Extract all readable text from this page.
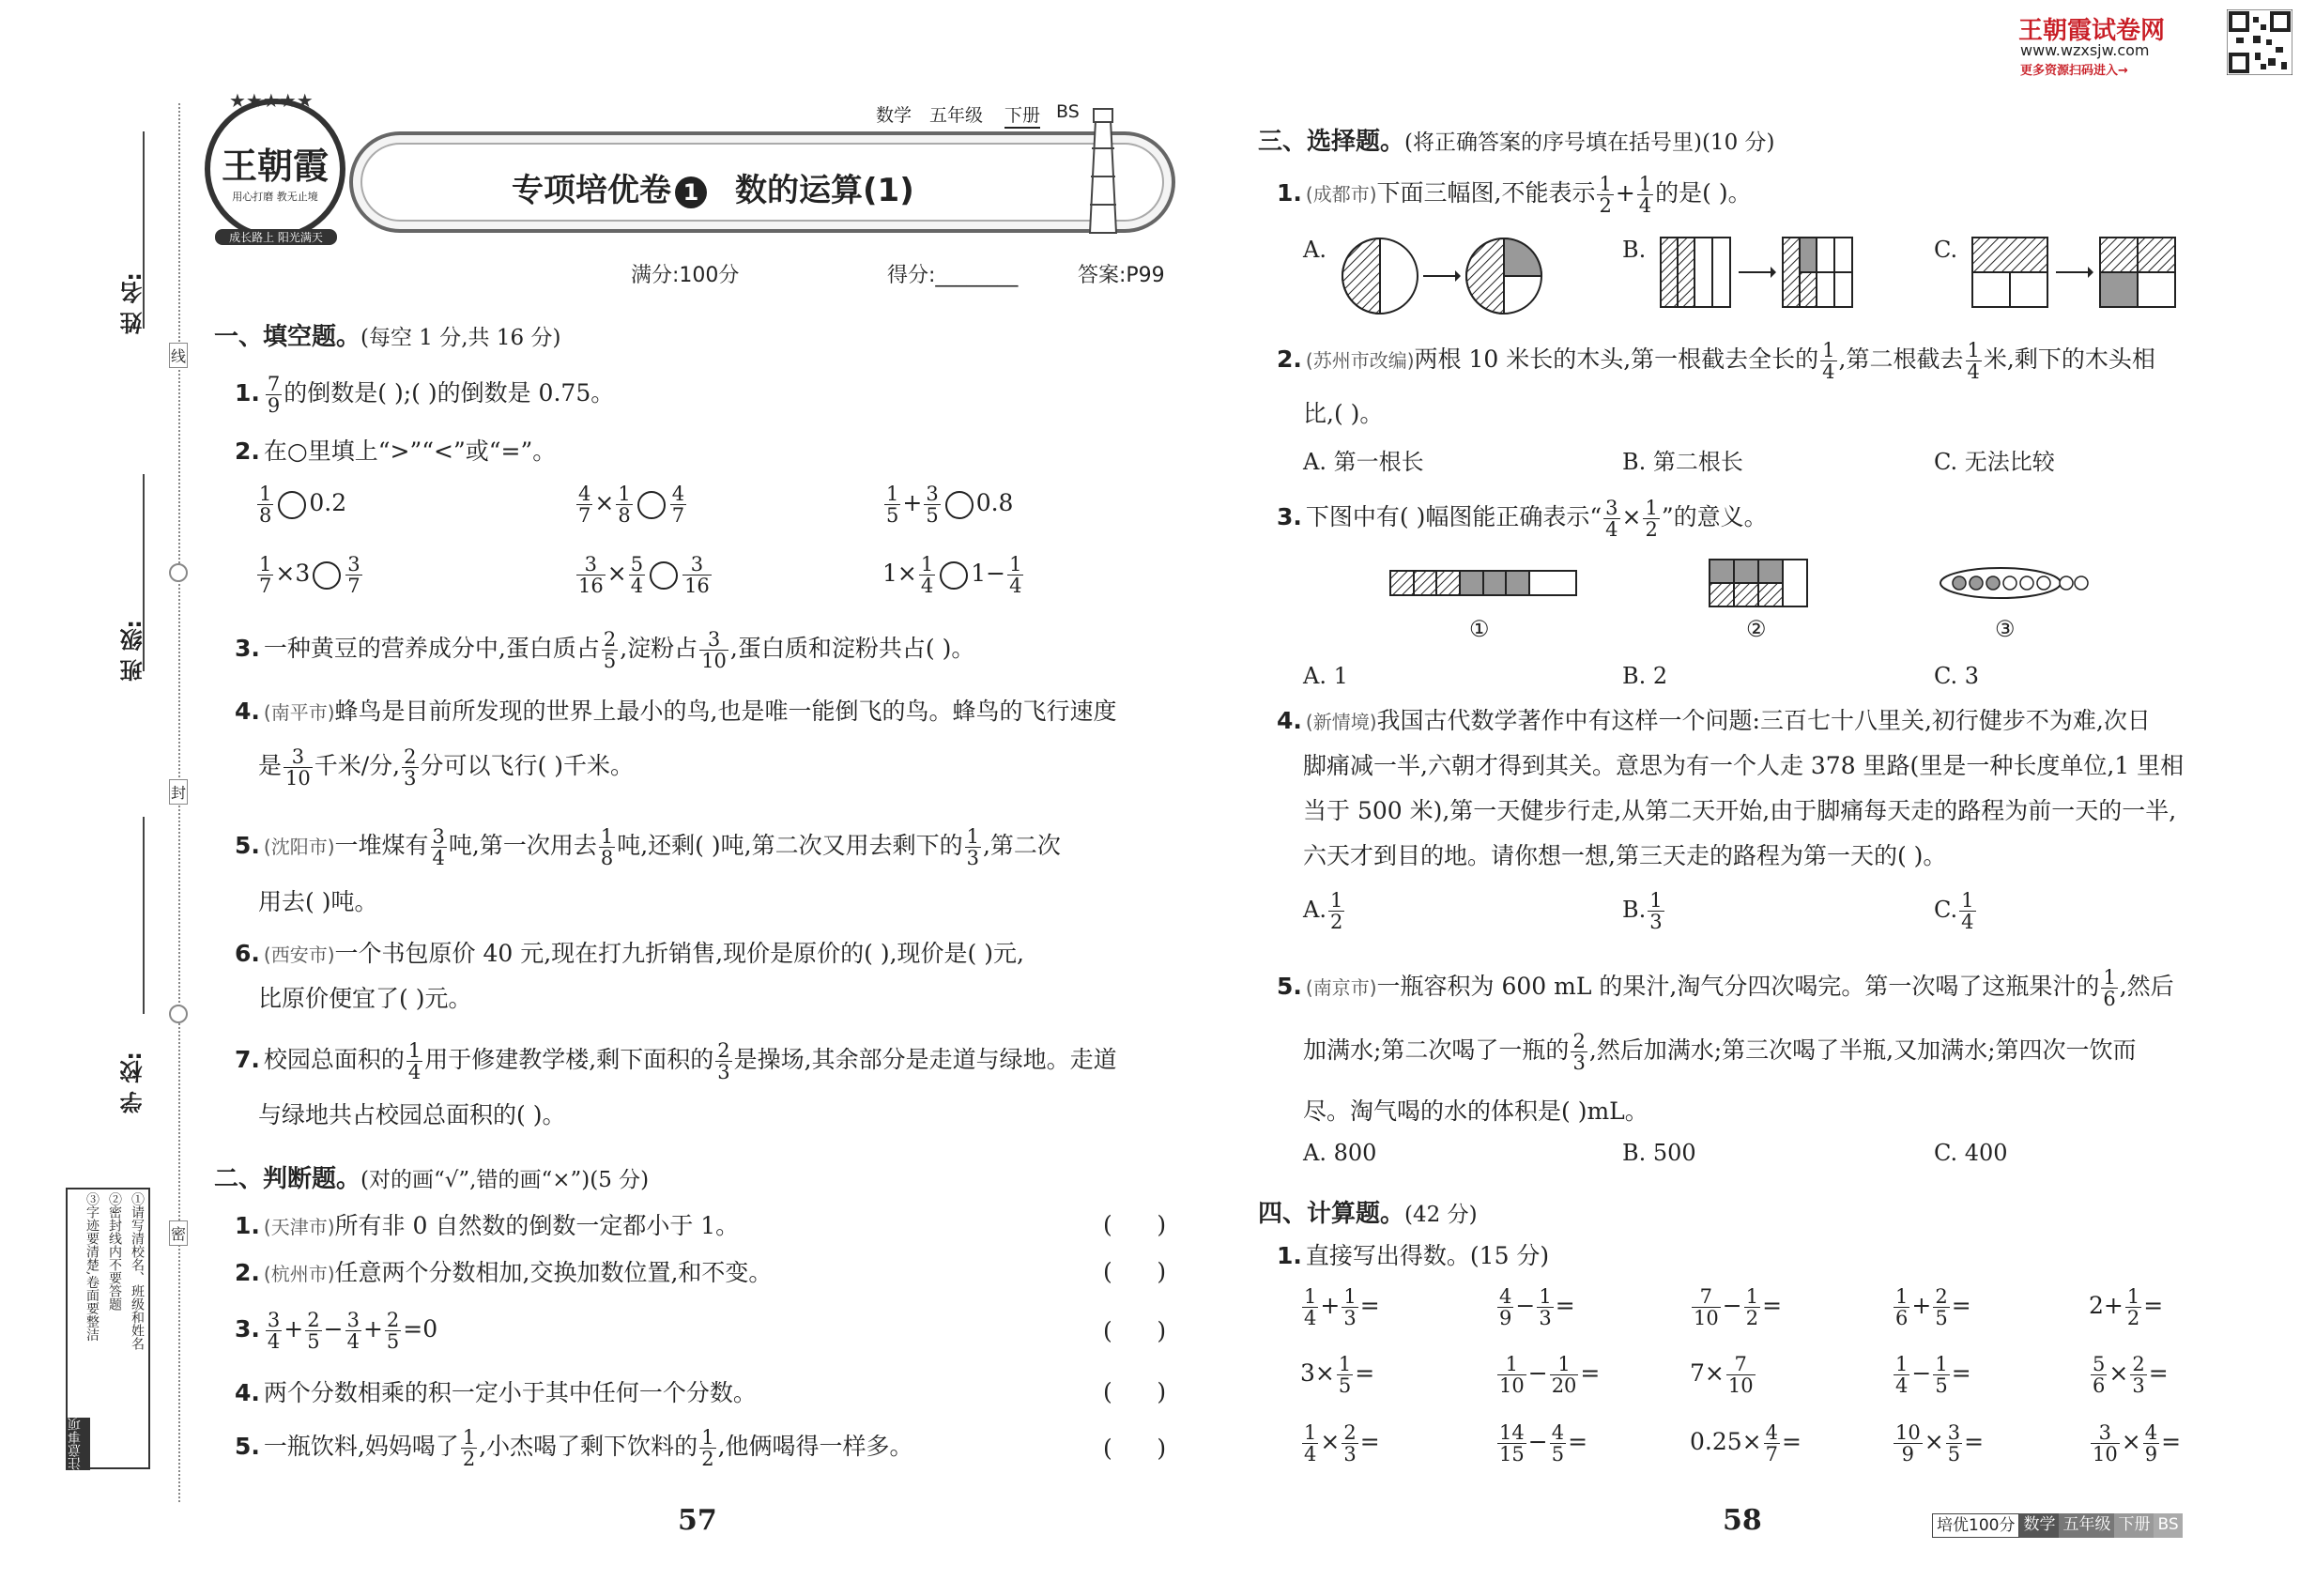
姓 名:
班 级:
学 校:
线
封
密
①请写清校名、班级和姓名
②密封线内不要答题
③字迹要清楚,卷面要整洁
注意事项
★★★★★
王朝霞
用心打磨 教无止境
成长路上 阳光满天
专项培优卷 1 数的运算(1)
数学 五年级 下册 BS
满分:100分	得分:________	答案:P99
一、填空题。(每空 1 分,共 16 分)
1. $\frac{7}{9}$ 的倒数是( );( )的倒数是 0.75。
2. 在○里填上“>”“<”或“=”。
$\frac{1}{8} 0.2$	$\frac{4}{7} \times \frac{1}{8} \frac{4}{7}$	$\frac{1}{5} + \frac{3}{5} 0.8$
$\frac{1}{7} \times 3 \frac{3}{7}$	$\frac{3}{16} \times \frac{5}{4} \frac{3}{16}$	$1\times \frac{1}{4} 1- \frac{1}{4}$
3. 一种黄豆的营养成分中,蛋白质占 $\frac{2}{5}$ ,淀粉占 $\frac{3}{10}$ ,蛋白质和淀粉共占( )。
4. (南平市)蜂鸟是目前所发现的世界上最小的鸟,也是唯一能倒飞的鸟。蜂鸟的飞行速度
是 $\frac{3}{10}$ 千米/分, $\frac{2}{3}$ 分可以飞行( )千米。
5. (沈阳市)一堆煤有 $\frac{3}{4}$ 吨,第一次用去 $\frac{1}{8}$ 吨,还剩( )吨,第二次又用去剩下的 $\frac{1}{3}$ ,第二次
用去( )吨。
6. (西安市)一个书包原价 40 元,现在打九折销售,现价是原价的( ),现价是( )元,
比原价便宜了( )元。
7. 校园总面积的 $\frac{1}{4}$ 用于修建教学楼,剩下面积的 $\frac{2}{3}$ 是操场,其余部分是走道与绿地。走道
与绿地共占校园总面积的( )。
二、判断题。(对的画“√”,错的画“×”)(5 分)
1. (天津市)所有非 0 自然数的倒数一定都小于 1。	(      )
2. (杭州市)任意两个分数相加,交换加数位置,和不变。	(      )
3. $\frac{3}{4} + \frac{2}{5} - \frac{3}{4} + \frac{2}{5} =0$	(      )
4. 两个分数相乘的积一定小于其中任何一个分数。	(      )
5. 一瓶饮料,妈妈喝了 $\frac{1}{2}$ ,小杰喝了剩下饮料的 $\frac{1}{2}$ ,他俩喝得一样多。	(      )
57
王朝霞试卷网
www.wzxsjw.com
更多资源扫码进入→
三、选择题。(将正确答案的序号填在括号里)(10 分)
1. (成都市)下面三幅图,不能表示 $\frac{1}{2} + \frac{1}{4}$ 的是( )。
A.	B.	C.
2. (苏州市改编)两根 10 米长的木头,第一根截去全长的 $\frac{1}{4}$ ,第二根截去 $\frac{1}{4}$ 米,剩下的木头相
比,( )。
A. 第一根长	B. 第二根长	C. 无法比较
3. 下图中有( )幅图能正确表示“ $\frac{3}{4} \times \frac{1}{2}$ ”的意义。
①	②	③
A. 1	B. 2	C. 3
4. (新情境)我国古代数学著作中有这样一个问题:三百七十八里关,初行健步不为难,次日
脚痛减一半,六朝才得到其关。意思为有一个人走 378 里路(里是一种长度单位,1 里相
当于 500 米),第一天健步行走,从第二天开始,由于脚痛每天走的路程为前一天的一半,
六天才到目的地。请你想一想,第三天走的路程为第一天的( )。
A. $\frac{1}{2}$	B. $\frac{1}{3}$	C. $\frac{1}{4}$
5. (南京市)一瓶容积为 600 mL 的果汁,淘气分四次喝完。第一次喝了这瓶果汁的 $\frac{1}{6}$ ,然后
加满水;第二次喝了一瓶的 $\frac{2}{3}$ ,然后加满水;第三次喝了半瓶,又加满水;第四次一饮而
尽。淘气喝的水的体积是( )mL。
A. 800	B. 500	C. 400
四、计算题。(42 分)
1. 直接写出得数。(15 分)
$\frac{1}{4} + \frac{1}{3}$ =	$\frac{4}{9} - \frac{1}{3}$ =	$\frac{7}{10} - \frac{1}{2}$ =	$\frac{1}{6} + \frac{2}{5}$ =	$2+ \frac{1}{2}$ =
$3\times \frac{1}{5}$ =	$\frac{1}{10} - \frac{1}{20}$ =	$7\times \frac{7}{10}$	$\frac{1}{4} - \frac{1}{5}$ =	$\frac{5}{6} \times \frac{2}{3}$ =
$\frac{1}{4} \times \frac{2}{3}$ =	$\frac{14}{15} - \frac{4}{5}$ =	$0.25\times \frac{4}{7}$ =	$\frac{10}{9} \times \frac{3}{5}$ =	$\frac{3}{10} \times \frac{4}{9}$ =
58	培优100分 数学 五年级 下册 BS
